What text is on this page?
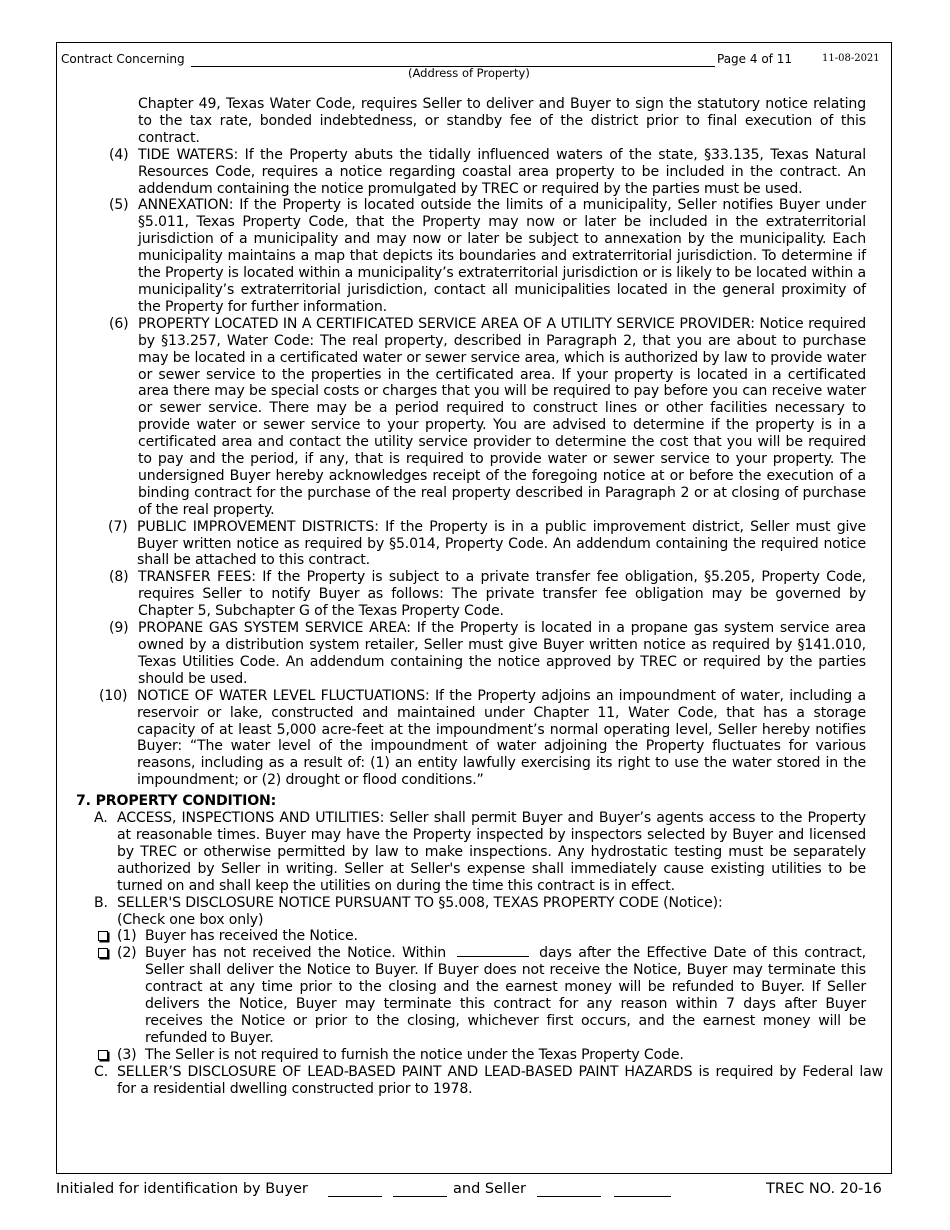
Contract Concerning
(Address of Property)
Page 4 of 11	11-08-2021
Chapter 49, Texas Water Code, requires Seller to deliver and Buyer to sign the statutory notice relating to the tax rate, bonded indebtedness, or standby fee of the district prior to final execution of this contract.
(4) TIDE WATERS: If the Property abuts the tidally influenced waters of the state, §33.135, Texas Natural Resources Code, requires a notice regarding coastal area property to be included in the contract. An addendum containing the notice promulgated by TREC or required by the parties must be used.
(5) ANNEXATION: If the Property is located outside the limits of a municipality, Seller notifies Buyer under §5.011, Texas Property Code, that the Property may now or later be included in the extraterritorial jurisdiction of a municipality and may now or later be subject to annexation by the municipality. Each municipality maintains a map that depicts its boundaries and extraterritorial jurisdiction. To determine if the Property is located within a municipality’s extraterritorial jurisdiction or is likely to be located within a municipality’s extraterritorial jurisdiction, contact all municipalities located in the general proximity of the Property for further information.
(6) PROPERTY LOCATED IN A CERTIFICATED SERVICE AREA OF A UTILITY SERVICE PROVIDER: Notice required by §13.257, Water Code: The real property, described in Paragraph 2, that you are about to purchase may be located in a certificated water or sewer service area, which is authorized by law to provide water or sewer service to the properties in the certificated area. If your property is located in a certificated area there may be special costs or charges that you will be required to pay before you can receive water or sewer service. There may be a period required to construct lines or other facilities necessary to provide water or sewer service to your property. You are advised to determine if the property is in a certificated area and contact the utility service provider to determine the cost that you will be required to pay and the period, if any, that is required to provide water or sewer service to your property. The undersigned Buyer hereby acknowledges receipt of the foregoing notice at or before the execution of a binding contract for the purchase of the real property described in Paragraph 2 or at closing of purchase of the real property.
(7) PUBLIC IMPROVEMENT DISTRICTS: If the Property is in a public improvement district, Seller must give Buyer written notice as required by §5.014, Property Code. An addendum containing the required notice shall be attached to this contract.
(8) TRANSFER FEES: If the Property is subject to a private transfer fee obligation, §5.205, Property Code, requires Seller to notify Buyer as follows: The private transfer fee obligation may be governed by Chapter 5, Subchapter G of the Texas Property Code.
(9) PROPANE GAS SYSTEM SERVICE AREA: If the Property is located in a propane gas system service area owned by a distribution system retailer, Seller must give Buyer written notice as required by §141.010, Texas Utilities Code. An addendum containing the notice approved by TREC or required by the parties should be used.
(10) NOTICE OF WATER LEVEL FLUCTUATIONS: If the Property adjoins an impoundment of water, including a reservoir or lake, constructed and maintained under Chapter 11, Water Code, that has a storage capacity of at least 5,000 acre-feet at the impoundment’s normal operating level, Seller hereby notifies Buyer: “The water level of the impoundment of water adjoining the Property fluctuates for various reasons, including as a result of: (1) an entity lawfully exercising its right to use the water stored in the impoundment; or (2) drought or flood conditions.”
7. PROPERTY CONDITION:
A. ACCESS, INSPECTIONS AND UTILITIES: Seller shall permit Buyer and Buyer’s agents access to the Property at reasonable times. Buyer may have the Property inspected by inspectors selected by Buyer and licensed by TREC or otherwise permitted by law to make inspections. Any hydrostatic testing must be separately authorized by Seller in writing. Seller at Seller's expense shall immediately cause existing utilities to be turned on and shall keep the utilities on during the time this contract is in effect.
B. SELLER'S DISCLOSURE NOTICE PURSUANT TO §5.008, TEXAS PROPERTY CODE (Notice):
(Check one box only)
(1) Buyer has received the Notice.
(2) Buyer has not received the Notice. Within	days after the Effective Date of this contract, Seller shall deliver the Notice to Buyer. If Buyer does not receive the Notice, Buyer may terminate this contract at any time prior to the closing and the earnest money will be refunded to Buyer. If Seller delivers the Notice, Buyer may terminate this contract for any reason within 7 days after Buyer receives the Notice or prior to the closing, whichever first occurs, and the earnest money will be refunded to Buyer.
(3) The Seller is not required to furnish the notice under the Texas Property Code.
C. SELLER’S DISCLOSURE OF LEAD-BASED PAINT AND LEAD-BASED PAINT HAZARDS is required by Federal law for a residential dwelling constructed prior to 1978.
Initialed for identification by Buyer	and Seller	TREC NO. 20-16
